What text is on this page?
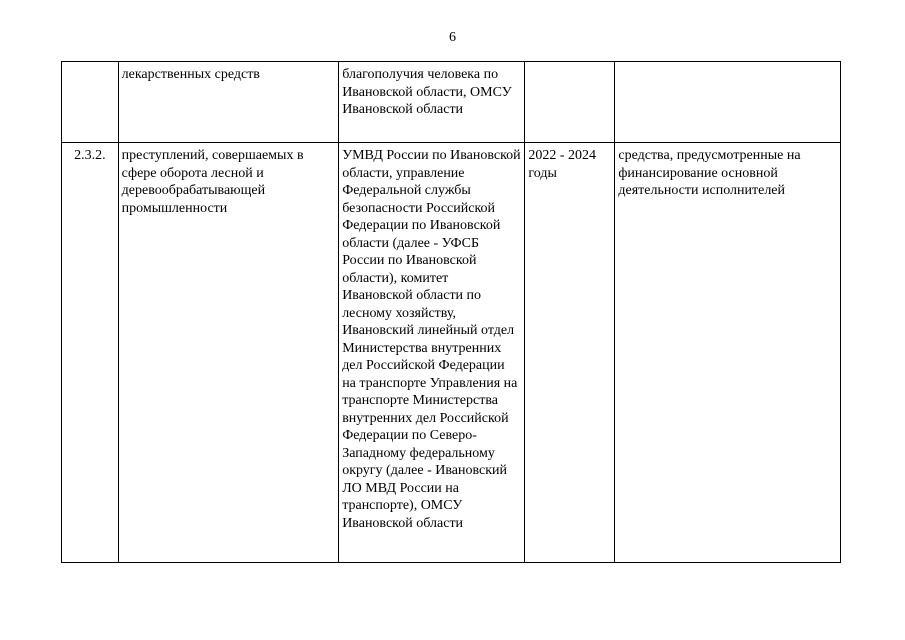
6
	лекарственных средств	благополучия человека по Ивановской области, ОМСУ Ивановской области		
2.3.2.	преступлений, совершаемых в сфере оборота лесной и деревообрабатывающей промышленности	УМВД России по Ивановской области, управление Федеральной службы безопасности Российской Федерации по Ивановской области (далее - УФСБ России по Ивановской области), комитет Ивановской области по лесному хозяйству, Ивановский линейный отдел Министерства внутренних дел Российской Федерации на транспорте Управления на транспорте Министерства внутренних дел Российской Федерации по Северо-Западному федеральному округу (далее - Ивановский ЛО МВД России на транспорте), ОМСУ Ивановской области	2022 - 2024 годы	средства, предусмотренные на финансирование основной деятельности исполнителей
